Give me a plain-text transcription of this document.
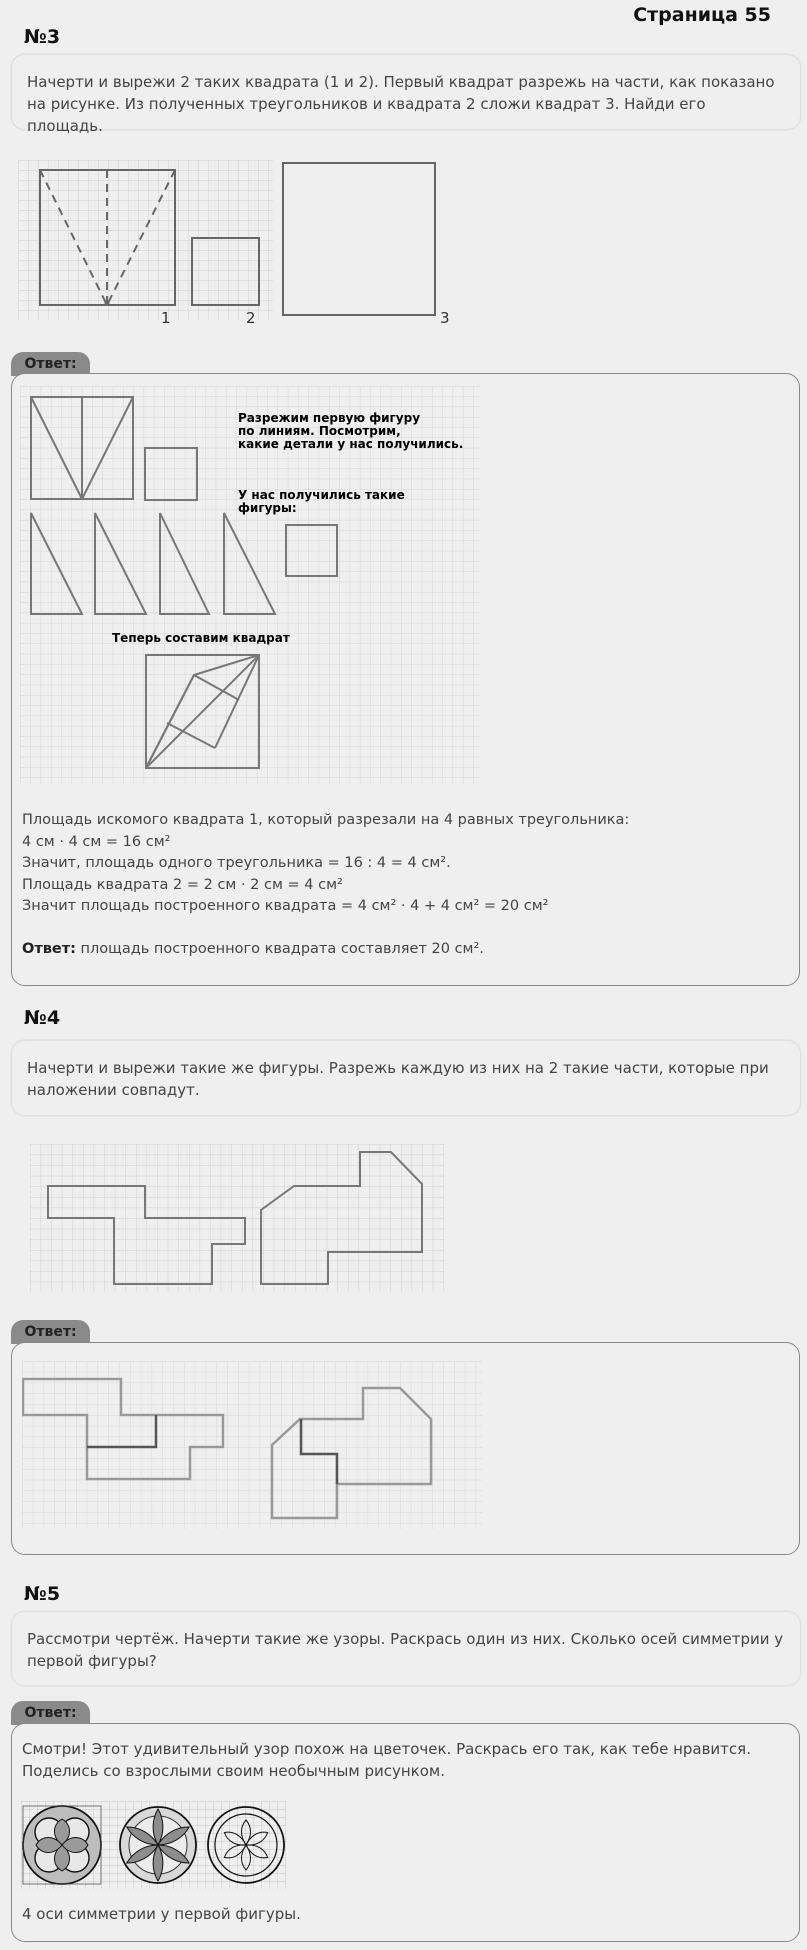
Страница 55
№3

Начерти и вырежи 2 таких квадрата (1 и 2). Первый квадрат разрежь на части, как показано на рисунке. Из полученных треугольников и квадрата 2 сложи квадрат 3. Найди его площадь.

1	2	3
Ответ:
Разрежим первую фигуру
по линиям. Посмотрим,
какие детали у нас получились.
У нас получились такие
фигуры:
Теперь составим квадрат

Площадь искомого квадрата 1, который разрезали на 4 равных треугольника:

4 см · 4 см = 16 см²

Значит, площадь одного треугольника = 16 : 4 = 4 см².

Площадь квадрата 2 = 2 см · 2 см = 4 см²

Значит площадь построенного квадрата = 4 см² · 4 + 4 см² = 20 см²

Ответ: площадь построенного квадрата составляет 20 см².

№4

Начерти и вырежи такие же фигуры. Разрежь каждую из них на 2 такие части, которые при наложении совпадут.

Ответ:
№5

Рассмотри чертёж. Начерти такие же узоры. Раскрась один из них. Сколько осей симметрии у первой фигуры?

Ответ:

Смотри! Этот удивительный узор похож на цветочек. Раскрась его так, как тебе нравится. Поделись со взрослыми своим необычным рисунком.

4 оси симметрии у первой фигуры.
